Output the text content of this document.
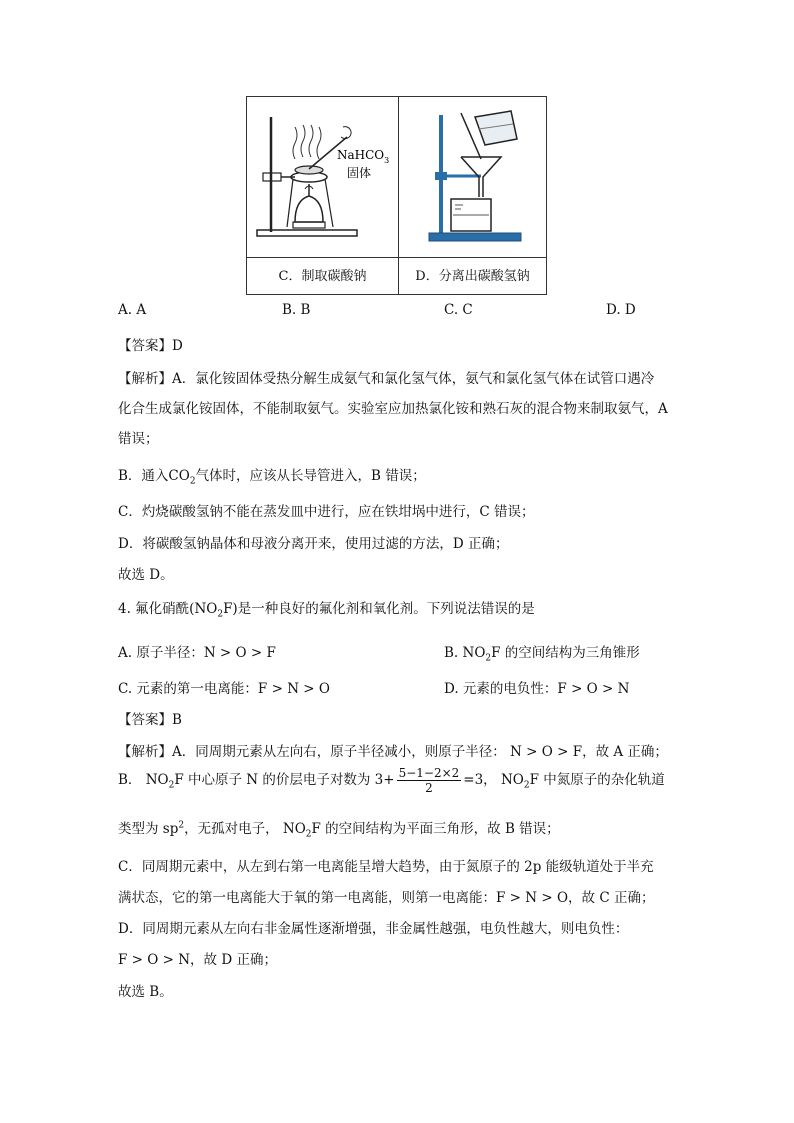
NaHCO$_3$
固体
C．制取碳酸钠	D．分离出碳酸氢钠
A. A	B. B	C. C	D. D
【答案】D
【解析】A．氯化铵固体受热分解生成氨气和氯化氢气体，氨气和氯化氢气体在试管口遇冷
化合生成氯化铵固体，不能制取氨气。实验室应加热氯化铵和熟石灰的混合物来制取氨气，A
错误；
B．通入$CO_2$气体时，应该从长导管进入，B 错误；
C．灼烧碳酸氢钠不能在蒸发皿中进行，应在铁坩埚中进行，C 错误；
D．将碳酸氢钠晶体和母液分离开来，使用过滤的方法，D 正确；
故选 D。
4. 氟化硝酰$(NO_2F)$是一种良好的氟化剂和氧化剂。下列说法错误的是
A. 原子半径：N > O > F	B. $NO_2F$ 的空间结构为三角锥形
C. 元素的第一电离能：F > N > O	D. 元素的电负性：F > O > N
【答案】B
【解析】A．同周期元素从左向右，原子半径减小，则原子半径： N > O > F，故 A 正确；
B． $NO_2F$ 中心原子 N 的价层电子对数为 $3+ \frac{5-1-2\times 2}{2} =3$， $NO_2F$ 中氮原子的杂化轨道
类型为 $sp^2$，无孤对电子， $NO_2F$ 的空间结构为平面三角形，故 B 错误；
C．同周期元素中，从左到右第一电离能呈增大趋势，由于氮原子的 2p 能级轨道处于半充
满状态，它的第一电离能大于氧的第一电离能，则第一电离能：F > N > O，故 C 正确；
D．同周期元素从左向右非金属性逐渐增强，非金属性越强，电负性越大，则电负性：
F > O > N，故 D 正确；
故选 B。
